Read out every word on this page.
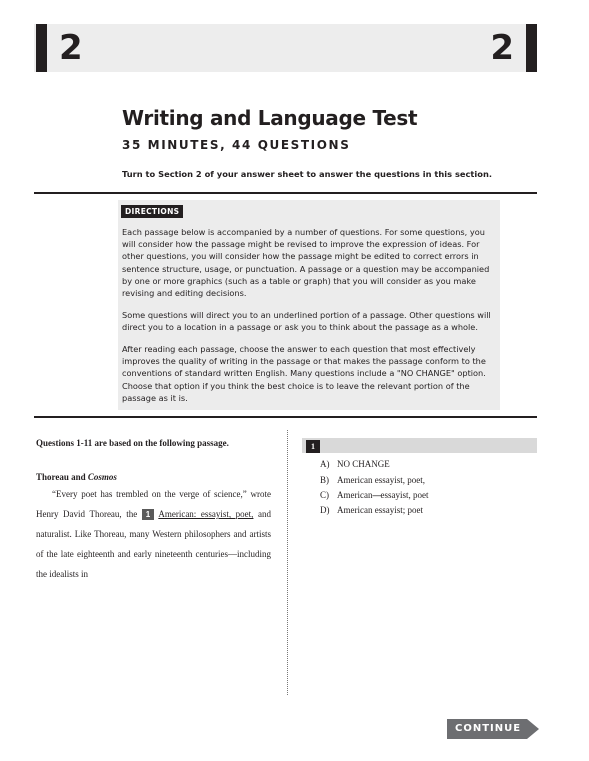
2	2
Writing and Language Test
35 MINUTES, 44 QUESTIONS
Turn to Section 2 of your answer sheet to answer the questions in this section.
DIRECTIONS

Each passage below is accompanied by a number of questions. For some questions, you will consider how the passage might be revised to improve the expression of ideas. For other questions, you will consider how the passage might be edited to correct errors in sentence structure, usage, or punctuation. A passage or a question may be accompanied by one or more graphics (such as a table or graph) that you will consider as you make revising and editing decisions.

Some questions will direct you to an underlined portion of a passage. Other questions will direct you to a location in a passage or ask you to think about the passage as a whole.

After reading each passage, choose the answer to each question that most effectively improves the quality of writing in the passage or that makes the passage conform to the conventions of standard written English. Many questions include a "NO CHANGE" option. Choose that option if you think the best choice is to leave the relevant portion of the passage as it is.

Questions 1-11 are based on the following passage.
Thoreau and Cosmos

“Every poet has trembled on the verge of science,” wrote Henry David Thoreau, the 1 American: essayist, poet, and naturalist. Like Thoreau, many Western philosophers and artists of the late eighteenth and early nineteenth centuries—including the idealists in

1
A) NO CHANGE
B) American essayist, poet,
C) American—essayist, poet
D) American essayist; poet
CONTINUE
